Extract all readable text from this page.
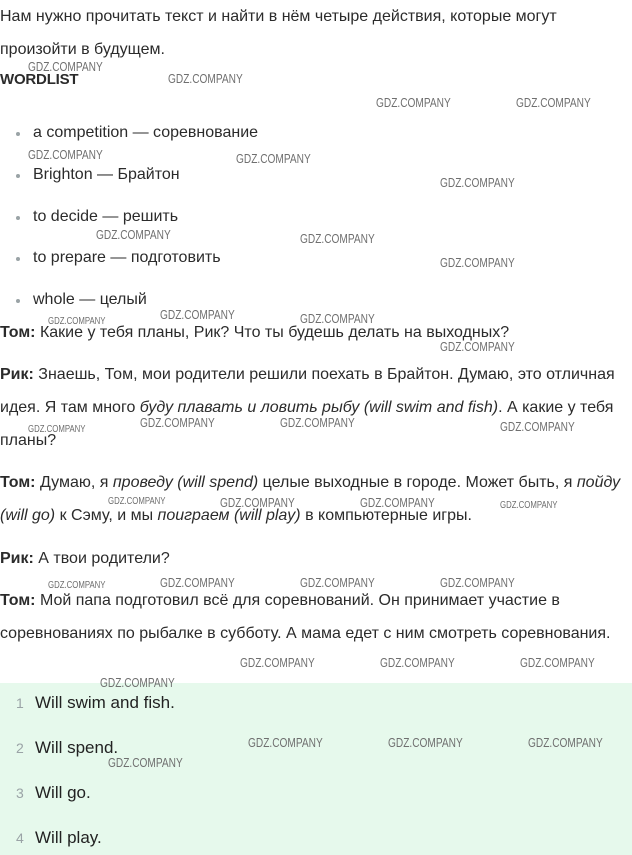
Нам нужно прочитать текст и найти в нём четыре действия, которые могут произойти в будущем.

WORDLIST
a competition — соревнование
Brighton — Брайтон
to decide — решить
to prepare — подготовить
whole — целый

Том: Какие у тебя планы, Рик? Что ты будешь делать на выходных?

Рик: Знаешь, Том, мои родители решили поехать в Брайтон. Думаю, это отличная идея. Я там много буду плавать и ловить рыбу (will swim and fish). А какие у тебя планы?

Том: Думаю, я проведу (will spend) целые выходные в городе. Может быть, я пойду (will go) к Сэму, и мы поиграем (will play) в компьютерные игры.

Рик: А твои родители?

Том: Мой папа подготовил всё для соревнований. Он принимает участие в соревнованиях по рыбалке в субботу. А мама едет с ним смотреть соревнования.

1 Will swim and fish.
2 Will spend.
3 Will go.
4 Will play.
GDZ.COMPANY
GDZ.COMPANY
GDZ.COMPANY	GDZ.COMPANY
GDZ.COMPANY	GDZ.COMPANY
GDZ.COMPANY
GDZ.COMPANY	GDZ.COMPANY
GDZ.COMPANY
GDZ.COMPANY	GDZ.COMPANY
GDZ.COMPANY
GDZ.COMPANY
GDZ.COMPANY	GDZ.COMPANY
GDZ.COMPANY	GDZ.COMPANY
GDZ.COMPANY	GDZ.COMPANY	GDZ.COMPANY	GDZ.COMPANY
GDZ.COMPANY	GDZ.COMPANY	GDZ.COMPANY	GDZ.COMPANY
GDZ.COMPANY	GDZ.COMPANY	GDZ.COMPANY
GDZ.COMPANY
GDZ.COMPANY	GDZ.COMPANY	GDZ.COMPANY
GDZ.COMPANY
